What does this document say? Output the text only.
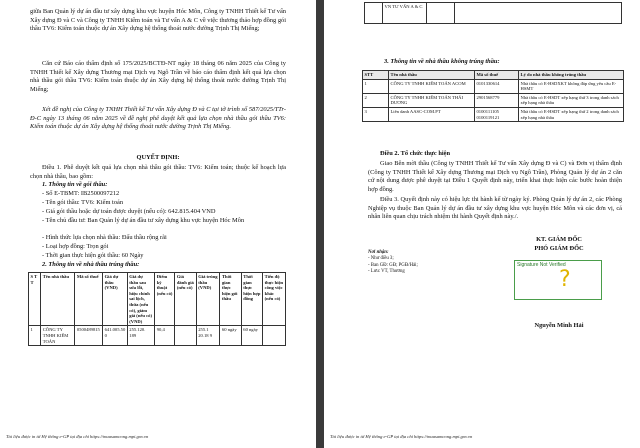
giữa Ban Quản lý dự án đầu tư xây dựng khu vực huyện Hóc Môn, Công ty TNHH Thiết kế Tư vấn Xây dựng Đ và C và Công ty TNHH Kiểm toán và Tư vấn A & C về việc thương thảo hợp đồng gói thầu TV6: Kiểm toán thuộc dự án Xây dựng hệ thống thoát nước đường Trịnh Thị Miếng;

Căn cứ Báo cáo thẩm định số 175/2025/BCTĐ-NT ngày 18 tháng 06 năm 2025 của Công ty TNHH Thiết kế Xây dựng Thương mại Dịch vụ Ngô Trần về báo cáo thẩm định kết quả lựa chọn nhà thầu gói thầu TV6: Kiểm toán thuộc dự án Xây dựng hệ thống thoát nước đường Trịnh Thị Miếng;

Xét đề nghị của Công ty TNHH Thiết kế Tư vấn Xây dựng Đ và C tại tờ trình số 587/2025/TTr-Đ-C ngày 13 tháng 06 năm 2025 về đề nghị phê duyệt kết quả lựa chọn nhà thầu gói thầu TV6: Kiểm toán thuộc dự án Xây dựng hệ thống thoát nước đường Trịnh Thị Miếng.

QUYẾT ĐỊNH:

Điều 1. Phê duyệt kết quả lựa chọn nhà thầu gói thầu: TV6: Kiểm toán; thuộc kế hoạch lựa chọn nhà thầu, bao gồm:

1. Thông tin về gói thầu:

- Số E-TBMT: IB2500097212

- Tên gói thầu: TV6: Kiểm toán

- Giá gói thầu hoặc dự toán được duyệt (nếu có): 642.815.404 VND

- Tên chủ đầu tư: Ban Quản lý dự án đầu tư xây dựng khu vực huyện Hóc Môn

- Hình thức lựa chọn nhà thầu: Đấu thầu rộng rãi

- Loại hợp đồng: Trọn gói

- Thời gian thực hiện gói thầu: 60 Ngày

2. Thông tin về nhà thầu trúng thầu:

S T T	Tên nhà thầu	Mã số thuế	Giá dự thầu (VND)	Giá dự thầu sau sửa lỗi, hiệu chỉnh sai lệch, thừa (nếu có), giảm giá (nếu có) (VND)	Điểm kỹ thuật (nếu có)	Giá đánh giá (nếu có)	Giá trúng thầu (VND)	Thời gian thực hiện gói thầu	Thời gian thực hiện hợp đồng	Tiến độ thực hiện công việc khác (nếu có)
1	CÔNG TY TNHH KIỂM TOÁN	0500489815	641.005.50 0	255.120. 189	90,4		255.1 20.18 9	60 ngày	60 ngày	

Tài liệu được in từ Hệ thống e-GP tại địa chỉ https://muasamcong.mpi.gov.vn

	VN TƯ VẤN A & C		

3. Thông tin về nhà thầu không trúng thầu:

STT	Tên nhà thầu	Mã số thuế	Lý do nhà thầu không trúng thầu
1	CÔNG TY TNHH KIỂM TOÁN ACOM	0101330614	Nhà thầu có E-HSDXKT không đáp ứng yêu cầu E-HSMT
2	CÔNG TY TNHH KIỂM TOÁN THÁI DƯƠNG	2901568779	Nhà thầu có E-HSDT xếp hạng thứ 3 trong danh sách xếp hạng nhà thầu
3	Liên danh AASC-COM.PT	0100111105
0100119121	Nhà thầu có E-HSDT xếp hạng thứ 2 trong danh sách xếp hạng nhà thầu

Điều 2. Tổ chức thực hiện

Giao Bên mời thầu (Công ty TNHH Thiết kế Tư vấn Xây dựng Đ và C) và Đơn vị thẩm định (Công ty TNHH Thiết kế Xây dựng Thương mại Dịch vụ Ngô Trần), Phòng Quản lý dự án 2 căn cứ nội dung được phê duyệt tại Điều 1 Quyết định này, triển khai thực hiện các bước hoàn thiện hợp đồng.

Điều 3. Quyết định này có hiệu lực thi hành kể từ ngày ký. Phòng Quản lý dự án 2, các Phòng Nghiệp vụ thuộc Ban Quản lý dự án đầu tư xây dựng khu vực huyện Hóc Môn và các đơn vị, cá nhân liên quan chịu trách nhiệm thi hành Quyết định này./.

Nơi nhận:
- Như điều 3;
- Ban GĐ: GĐ; PGĐ/Hải;
- Lưu: VT, Thương

KT. GIÁM ĐỐC

PHÓ GIÁM ĐỐC

Signature Not Verified
?

Nguyễn Minh Hải

Tài liệu được in từ Hệ thống e-GP tại địa chỉ https://muasamcong.mpi.gov.vn
